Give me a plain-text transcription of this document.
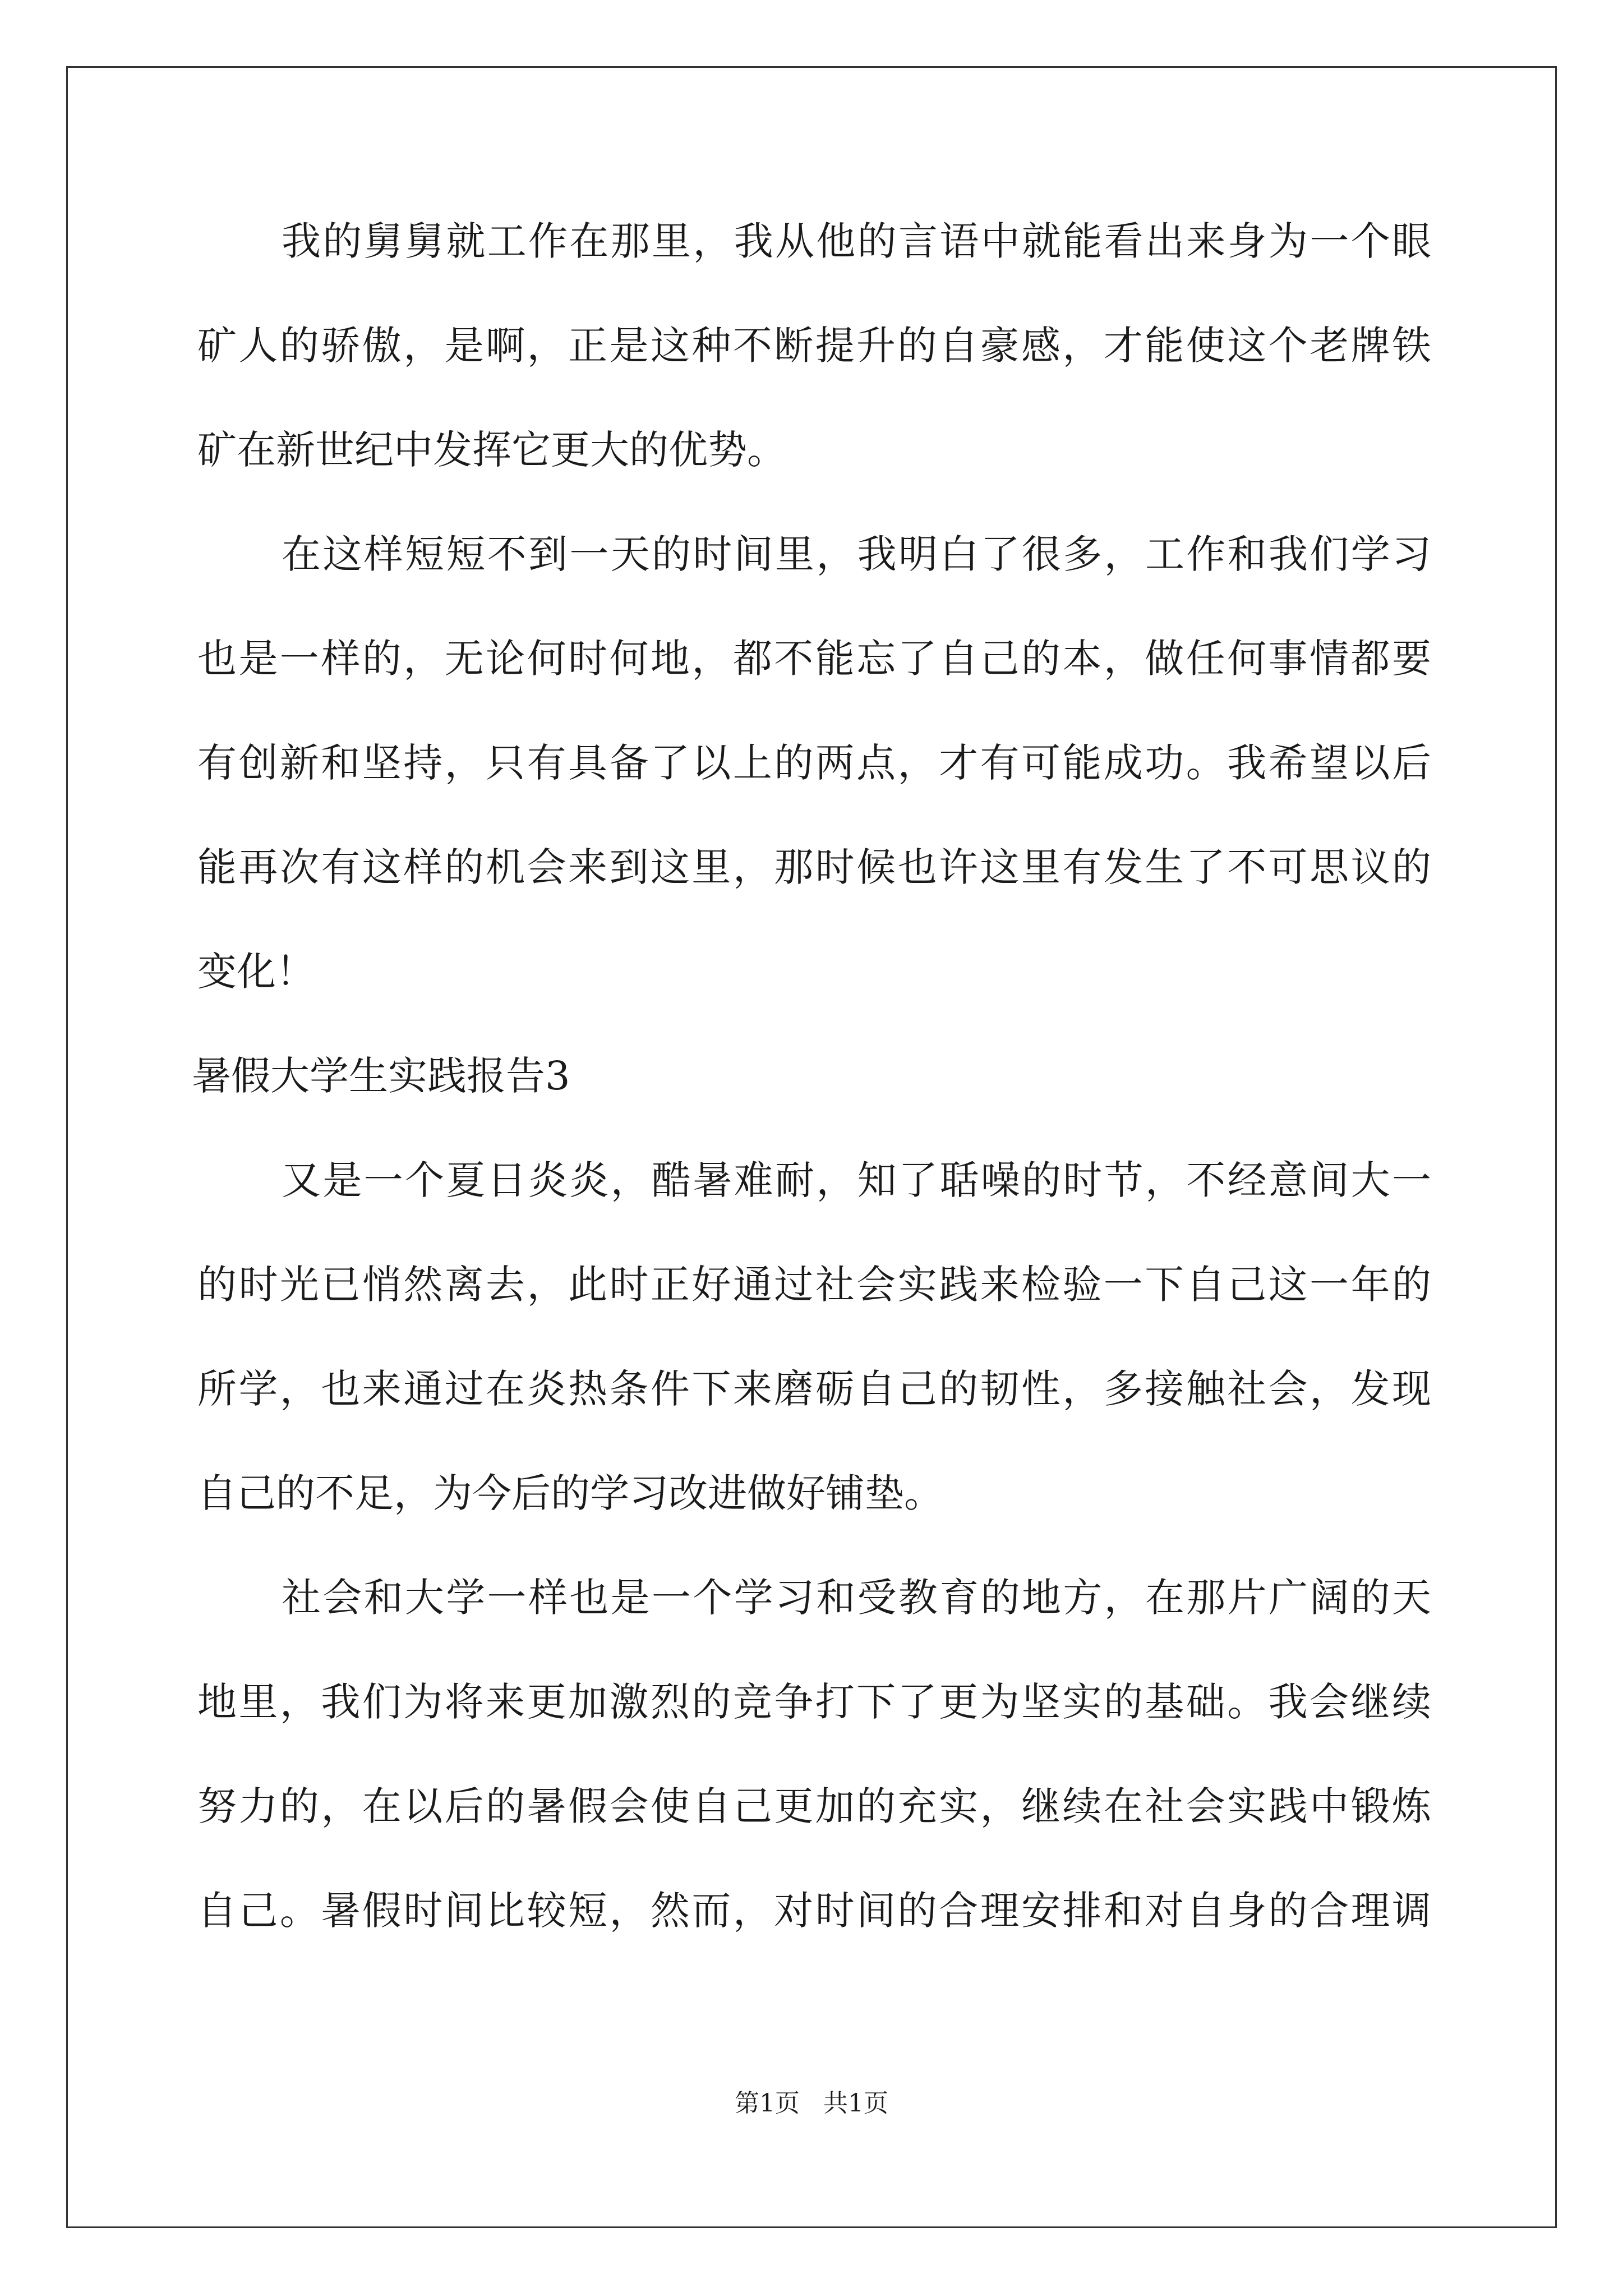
我的舅舅就工作在那里，我从他的言语中就能看出来身为一个眼
矿人的骄傲，是啊，正是这种不断提升的自豪感，才能使这个老牌铁
矿在新世纪中发挥它更大的优势。
在这样短短不到一天的时间里，我明白了很多，工作和我们学习
也是一样的，无论何时何地，都不能忘了自己的本，做任何事情都要
有创新和坚持，只有具备了以上的两点，才有可能成功。我希望以后
能再次有这样的机会来到这里，那时候也许这里有发生了不可思议的
变化！
暑假大学生实践报告3
又是一个夏日炎炎，酷暑难耐，知了聒噪的时节，不经意间大一
的时光已悄然离去，此时正好通过社会实践来检验一下自己这一年的
所学，也来通过在炎热条件下来磨砺自己的韧性，多接触社会，发现
自己的不足，为今后的学习改进做好铺垫。
社会和大学一样也是一个学习和受教育的地方，在那片广阔的天
地里，我们为将来更加激烈的竞争打下了更为坚实的基础。我会继续
努力的，在以后的暑假会使自己更加的充实，继续在社会实践中锻炼
自己。暑假时间比较短，然而，对时间的合理安排和对自身的合理调
第1页 共1页
